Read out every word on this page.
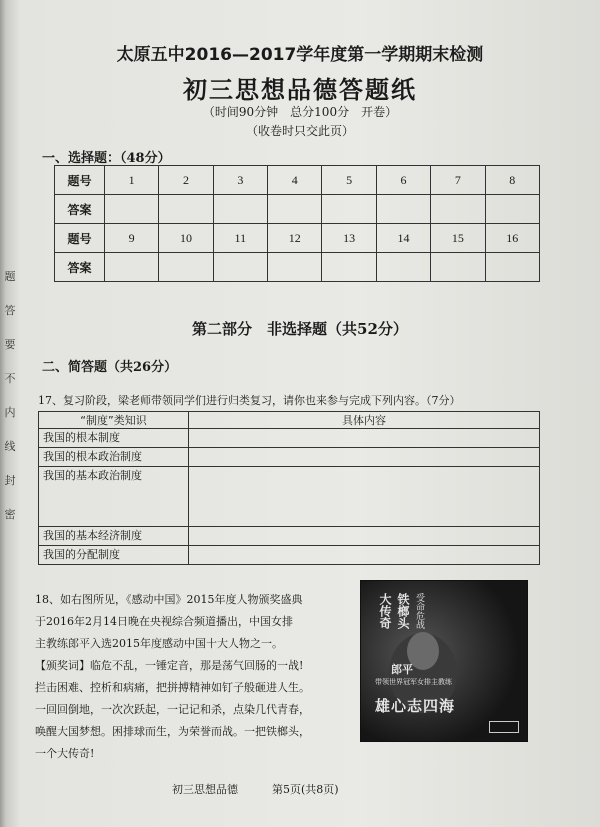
题
答
要
不
内
线
封
密
太原五中2016—2017学年度第一学期期末检测
初三思想品德答题纸
（时间90分钟　总分100分　开卷）
（收卷时只交此页）
一、选择题：（48分）
题号	1	2	3	4	5	6	7	8
答案								
题号	9	10	11	12	13	14	15	16
答案								
第二部分　非选择题（共52分）
二、简答题（共26分）
17、复习阶段，梁老师带领同学们进行归类复习，请你也来参与完成下列内容。（7分）
“制度”类知识	具体内容
我国的根本制度	
我国的根本政治制度	
我国的基本政治制度	
我国的基本经济制度	
我国的分配制度	

18、如右图所见，《感动中国》2015年度人物颁奖盛典

于2016年2月14日晚在央视综合频道播出，中国女排

主教练郎平入选2015年度感动中国十大人物之一。

【颁奖词】临危不乱，一锤定音，那是荡气回肠的一战!

拦击困难、控析和病痛，把拼搏精神如钉子般砸进人生。

一回回倒地，一次次跃起，一记记和杀，点染几代青春，

唤醒大国梦想。困排球而生，为荣誉而战。一把铁榔头，

一个大传奇!

铁榔头
大传奇 受命危战
郎平
带领世界冠军女排主教练
雄心志四海
初三思想品德	第5页(共8页)
